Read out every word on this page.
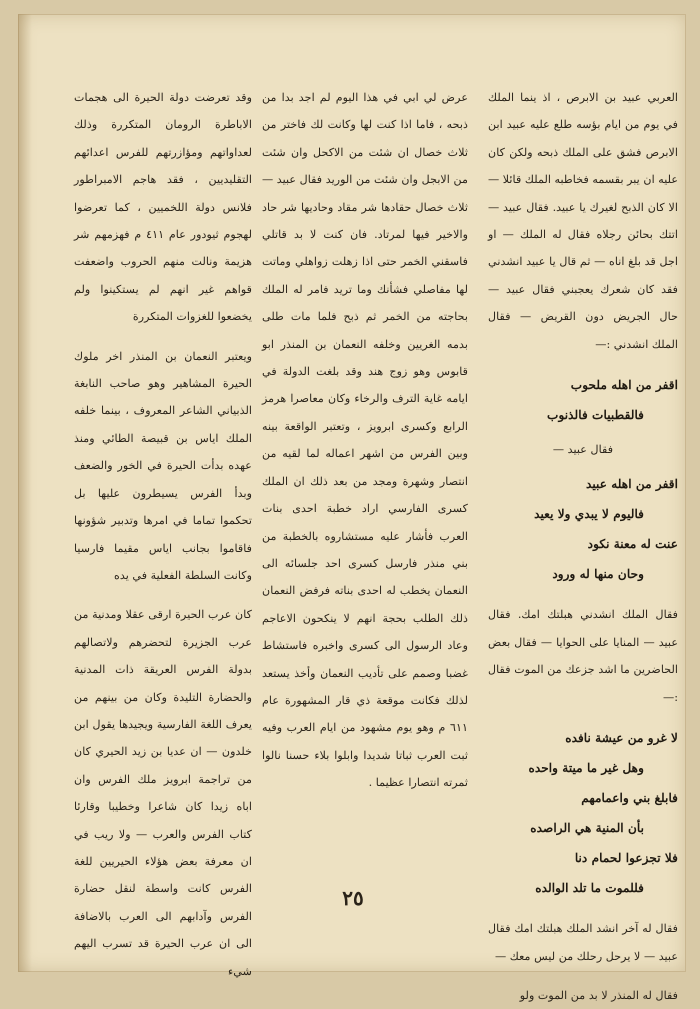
العربي عبيد بن الابرص ، اذ ينما الملك في يوم من ايام بؤسه طلع عليه عبيد ابن الابرص فشق على الملك ذبحه ولكن كان عليه ان يبر بقسمه فخاطبه الملك قائلا — الا كان الذبح لغيرك يا عبيد. فقال عبيد — اتتك بحائن رجلاه فقال له الملك — او اجل قد بلغ اناه — ثم قال يا عبيد انشدني فقد كان شعرك يعجبني فقال عبيد — حال الجريض دون القريض — فقال الملك انشدني :—

اقفر من اهله ملحوب
فالقطبيات فالذنوب

فقال عبيد —

اقفر من اهله عبيد
فاليوم لا يبدي ولا يعيد
عنت له معنة نكود
وحان منها له ورود

فقال الملك انشدني هبلتك امك. فقال عبيد — المنايا على الحوايا — فقال بعض الحاضرين ما اشد جزعك من الموت فقال :—

لا غرو من عيشة نافده
وهل غير ما ميتة واحده
فابلغ بني واعمامهم
بأن المنية هي الراصده
فلا تجزعوا لحمام دنا
فللموت ما تلد الوالده

فقال له آخر انشد الملك هبلتك امك فقال عبيد — لا يرحل رحلك من ليس معك —

فقال له المنذر لا بد من الموت ولو

عرض لي ابي في هذا اليوم لم اجد بدا من ذبحه ، فاما اذا كنت لها وكانت لك فاختر من ثلاث خصال ان شئت من الاكحل وان شئت من الابجل وان شئت من الوريد فقال عبيد — ثلاث خصال حقادها شر مقاد وحاديها شر حاد والاخير فيها لمرتاد. فان كنت لا بد قاتلي فاسقني الخمر حتى اذا زهلت زواهلي وماتت لها مفاصلي فشأنك وما تريد فامر له الملك بحاجته من الخمر ثم ذبح فلما مات طلى بدمه الغريين وخلفه النعمان بن المنذر ابو قابوس وهو زوج هند وقد بلغت الدولة في ايامه غاية الترف والرخاء وكان معاصرا هرمز الرابع وكسرى ابرويز ، وتعتبر الواقعة بينه وبين الفرس من اشهر اعماله لما لقيه من انتصار وشهرة ومجد من بعد ذلك ان الملك كسرى الفارسي اراد خطبة احدى بنات العرب فأشار عليه مستشاروه بالخطبة من بني منذر فارسل كسرى احد جلسائه الى النعمان يخطب له احدى بناته فرفض النعمان ذلك الطلب بحجة انهم لا ينكحون الاعاجم وعاد الرسول الى كسرى واخبره فاستشاط غضبا وصمم على تأديب النعمان وأخذ يستعد لذلك فكانت موقعة ذي قار المشهورة عام ٦١١ م وهو يوم مشهود من ايام العرب وفيه ثبت العرب ثباتا شديدا وابلوا بلاء حسنا نالوا ثمرته انتصارا عظيما .

وقد تعرضت دولة الحيرة الى هجمات الاباطرة الرومان المتكررة وذلك لعداواتهم ومؤازرتهم للفرس اعدائهم التقليديين ، فقد هاجم الامبراطور فلانس دولة اللخميين ، كما تعرضوا لهجوم ثيودور عام ٤١١ م فهزمهم شر هزيمة ونالت منهم الحروب واضعفت قواهم غير انهم لم يستكينوا ولم يخضعوا للغزوات المتكررة

ويعتبر النعمان بن المنذر اخر ملوك الحيرة المشاهير وهو صاحب النابغة الذبياني الشاعر المعروف ، بينما خلفه الملك اياس بن قبيصة الطائي ومنذ عهده بدأت الحيرة في الخور والضعف وبدأ الفرس يسيطرون عليها بل تحكموا تماما في امرها وتدبير شؤونها فاقاموا بجانب اياس مقيما فارسيا وكانت السلطة الفعلية في يده

كان عرب الحيرة ارقى عقلا ومدنية من عرب الجزيرة لتحضرهم ولاتصالهم بدولة الفرس العريقة ذات المدنية والحضارة التليدة وكان من بينهم من يعرف اللغة الفارسية ويجيدها يقول ابن خلدون — ان عديا بن زيد الحيري كان من تراجمة ابرويز ملك الفرس وان اباه زيدا كان شاعرا وخطيبا وقارئا كتاب الفرس والعرب — ولا ريب في ان معرفة بعض هؤلاء الحيريين للغة الفرس كانت واسطة لنقل حضارة الفرس وآدابهم الى العرب بالاضافة الى ان عرب الحيرة قد تسرب اليهم شيء

٢٥
